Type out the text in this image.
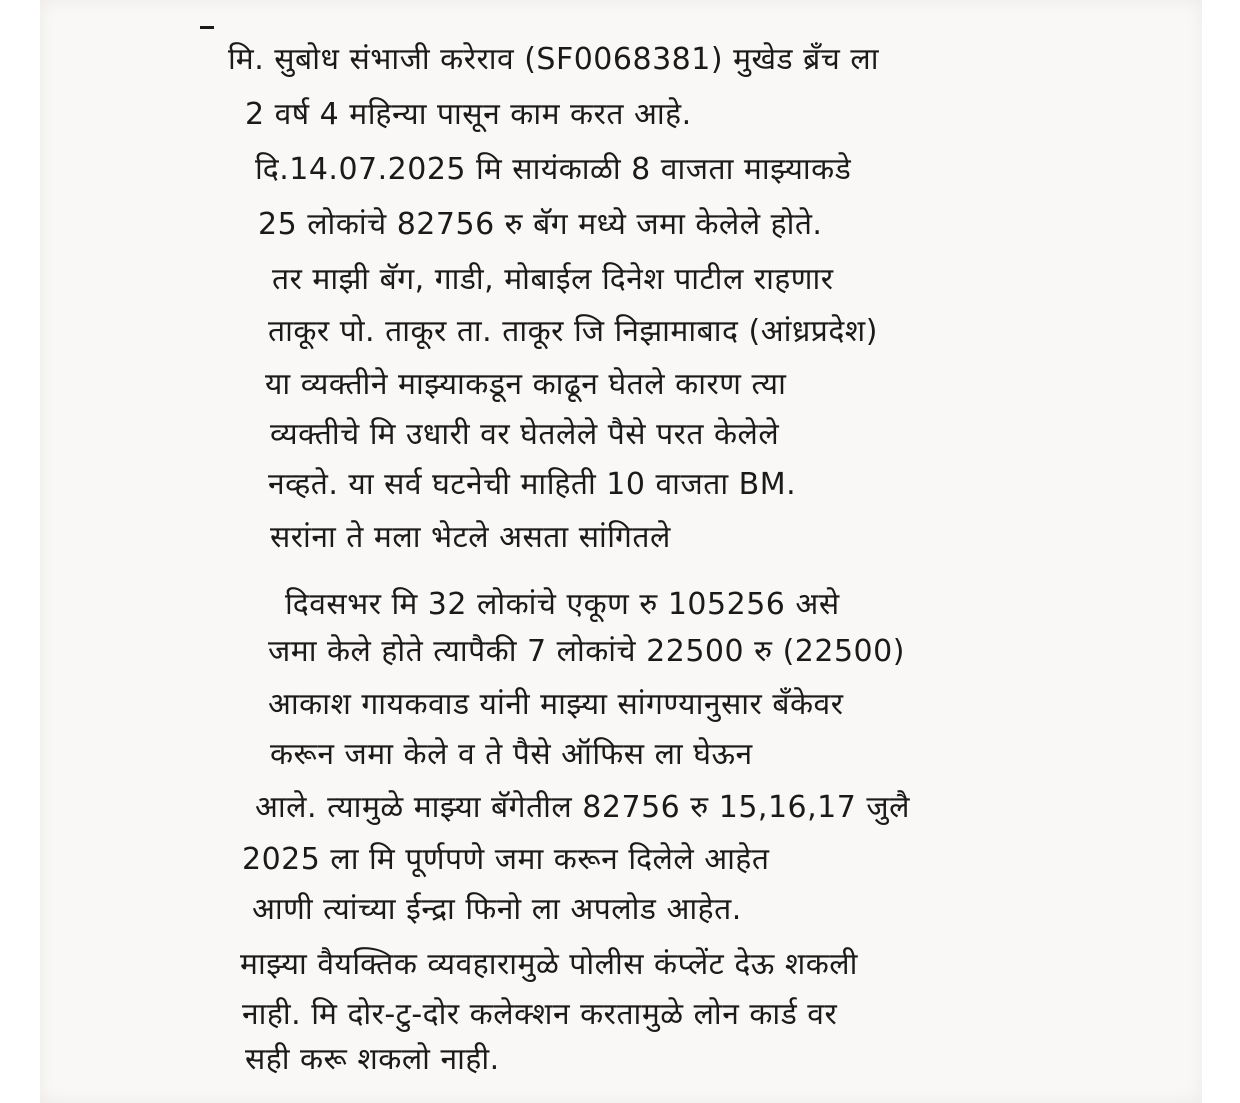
मि. सुबोध संभाजी करेराव (SF0068381) मुखेड ब्रँच ला
2 वर्ष 4 महिन्या पासून काम करत आहे.
दि.14.07.2025 मि सायंकाळी 8 वाजता माझ्याकडे
25 लोकांचे 82756 रु बॅग मध्ये जमा केलेले होते.
तर माझी बॅग, गाडी, मोबाईल दिनेश पाटील राहणार
ताकूर पो. ताकूर ता. ताकूर जि निझामाबाद (आंध्रप्रदेश)
या व्यक्तीने माझ्याकडून काढून घेतले कारण त्या
व्यक्तीचे मि उधारी वर घेतलेले पैसे परत केलेले
नव्हते. या सर्व घटनेची माहिती 10 वाजता BM.
सरांना ते मला भेटले असता सांगितले
दिवसभर मि 32 लोकांचे एकूण रु 105256 असे
जमा केले होते त्यापैकी 7 लोकांचे 22500 रु (22500)
आकाश गायकवाड यांनी माझ्या सांगण्यानुसार बँकेवर
करून जमा केले व ते पैसे ऑफिस ला घेऊन
आले. त्यामुळे माझ्या बॅगेतील 82756 रु 15,16,17 जुलै
2025 ला मि पूर्णपणे जमा करून दिलेले आहेत
आणी त्यांच्या ईन्द्रा फिनो ला अपलोड आहेत.
माझ्या वैयक्तिक व्यवहारामुळे पोलीस कंप्लेंट देऊ शकली
नाही. मि दोर-टु-दोर कलेक्शन करतामुळे लोन कार्ड वर
सही करू शकलो नाही.
